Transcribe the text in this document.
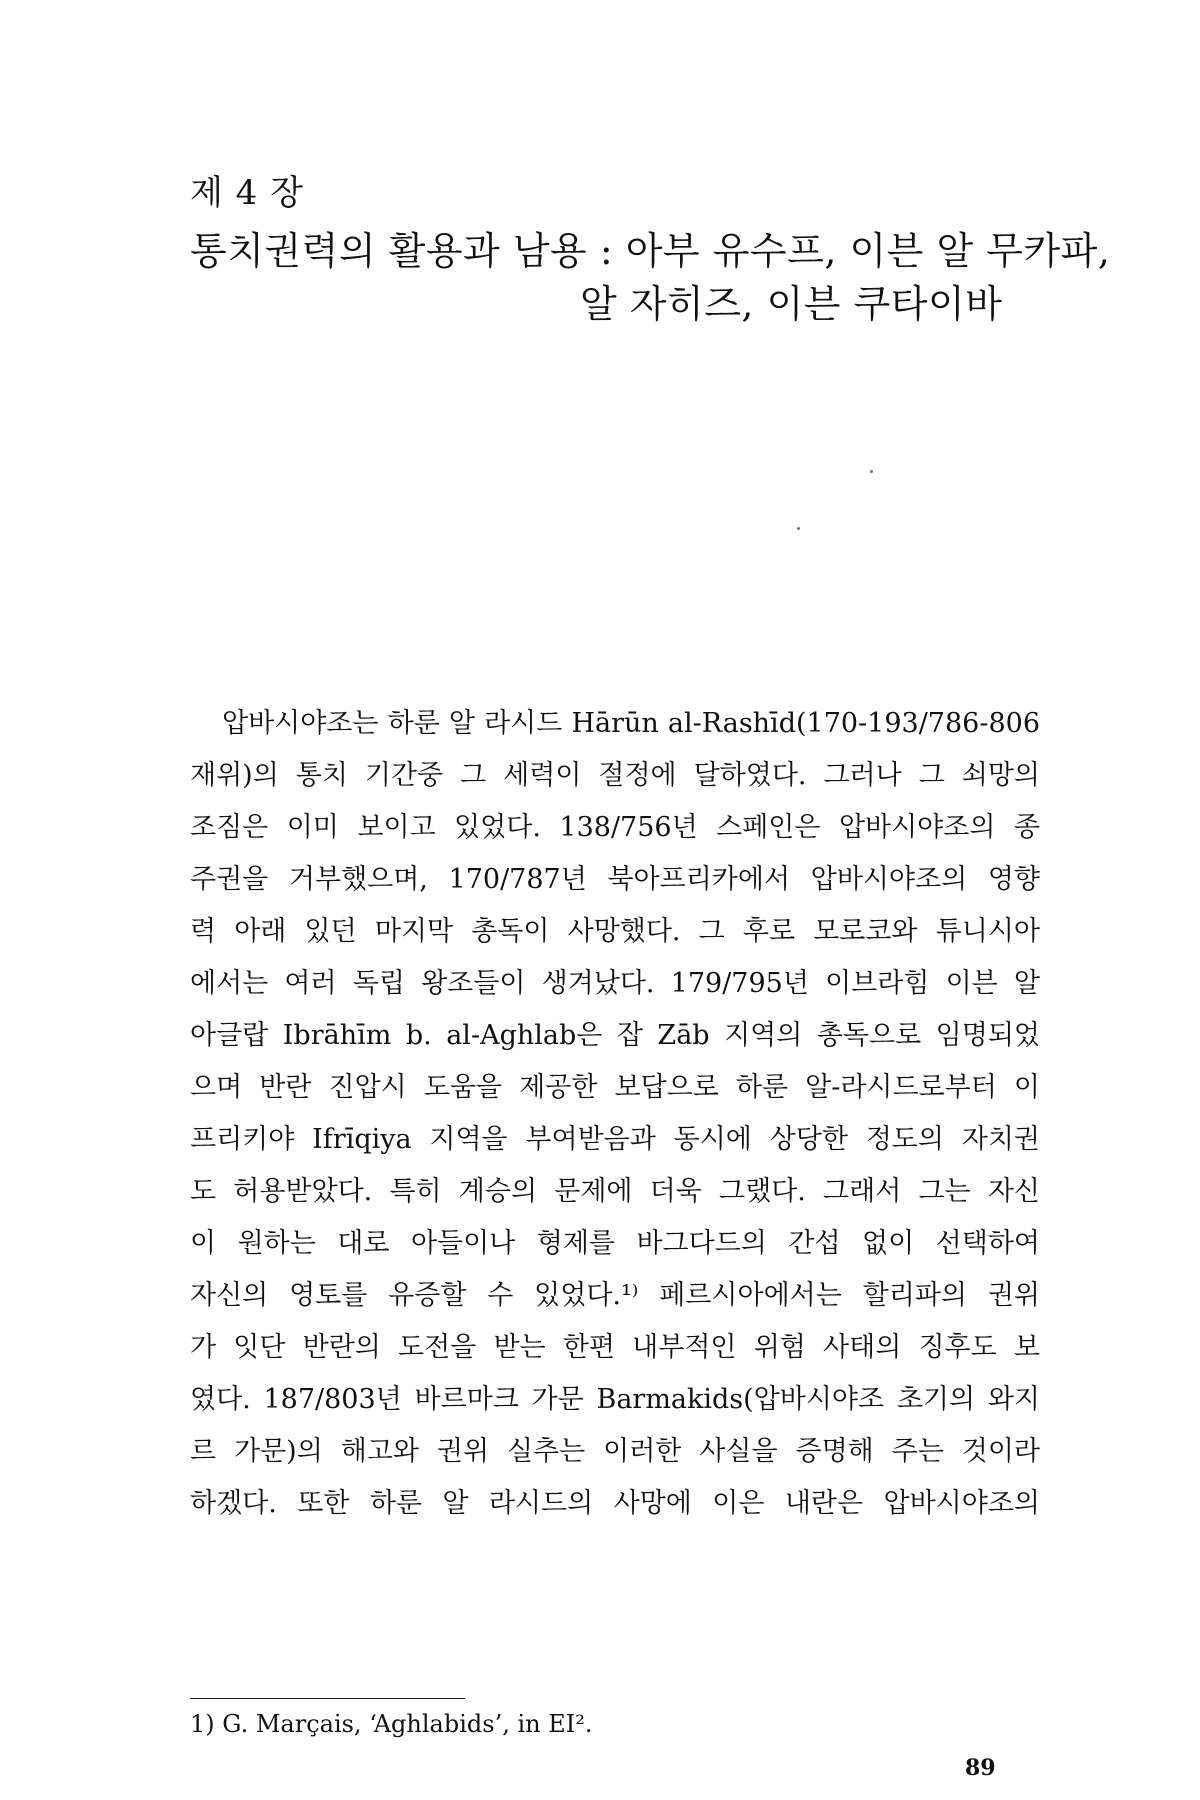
제 4 장
통치권력의 활용과 남용 : 아부 유수프, 이븐 알 무카파,
알 자히즈, 이븐 쿠타이바
압바시야조는 하룬 알 라시드 Hārūn al-Rashīd(170-193/786-806
재위)의 통치 기간중 그 세력이 절정에 달하였다. 그러나 그 쇠망의
조짐은 이미 보이고 있었다. 138/756년 스페인은 압바시야조의 종
주권을 거부했으며, 170/787년 북아프리카에서 압바시야조의 영향
력 아래 있던 마지막 총독이 사망했다. 그 후로 모로코와 튜니시아
에서는 여러 독립 왕조들이 생겨났다. 179/795년 이브라힘 이븐 알
아글랍 Ibrāhīm b. al-Aghlab은 잡 Zāb 지역의 총독으로 임명되었
으며 반란 진압시 도움을 제공한 보답으로 하룬 알-라시드로부터 이
프리키야 Ifrīqiya 지역을 부여받음과 동시에 상당한 정도의 자치권
도 허용받았다. 특히 계승의 문제에 더욱 그랬다. 그래서 그는 자신
이 원하는 대로 아들이나 형제를 바그다드의 간섭 없이 선택하여
자신의 영토를 유증할 수 있었다.¹⁾ 페르시아에서는 할리파의 권위
가 잇단 반란의 도전을 받는 한편 내부적인 위험 사태의 징후도 보
였다. 187/803년 바르마크 가문 Barmakids(압바시야조 초기의 와지
르 가문)의 해고와 권위 실추는 이러한 사실을 증명해 주는 것이라
하겠다. 또한 하룬 알 라시드의 사망에 이은 내란은 압바시야조의
1) G. Marçais, ‘Aghlabids’, in EI².
89
